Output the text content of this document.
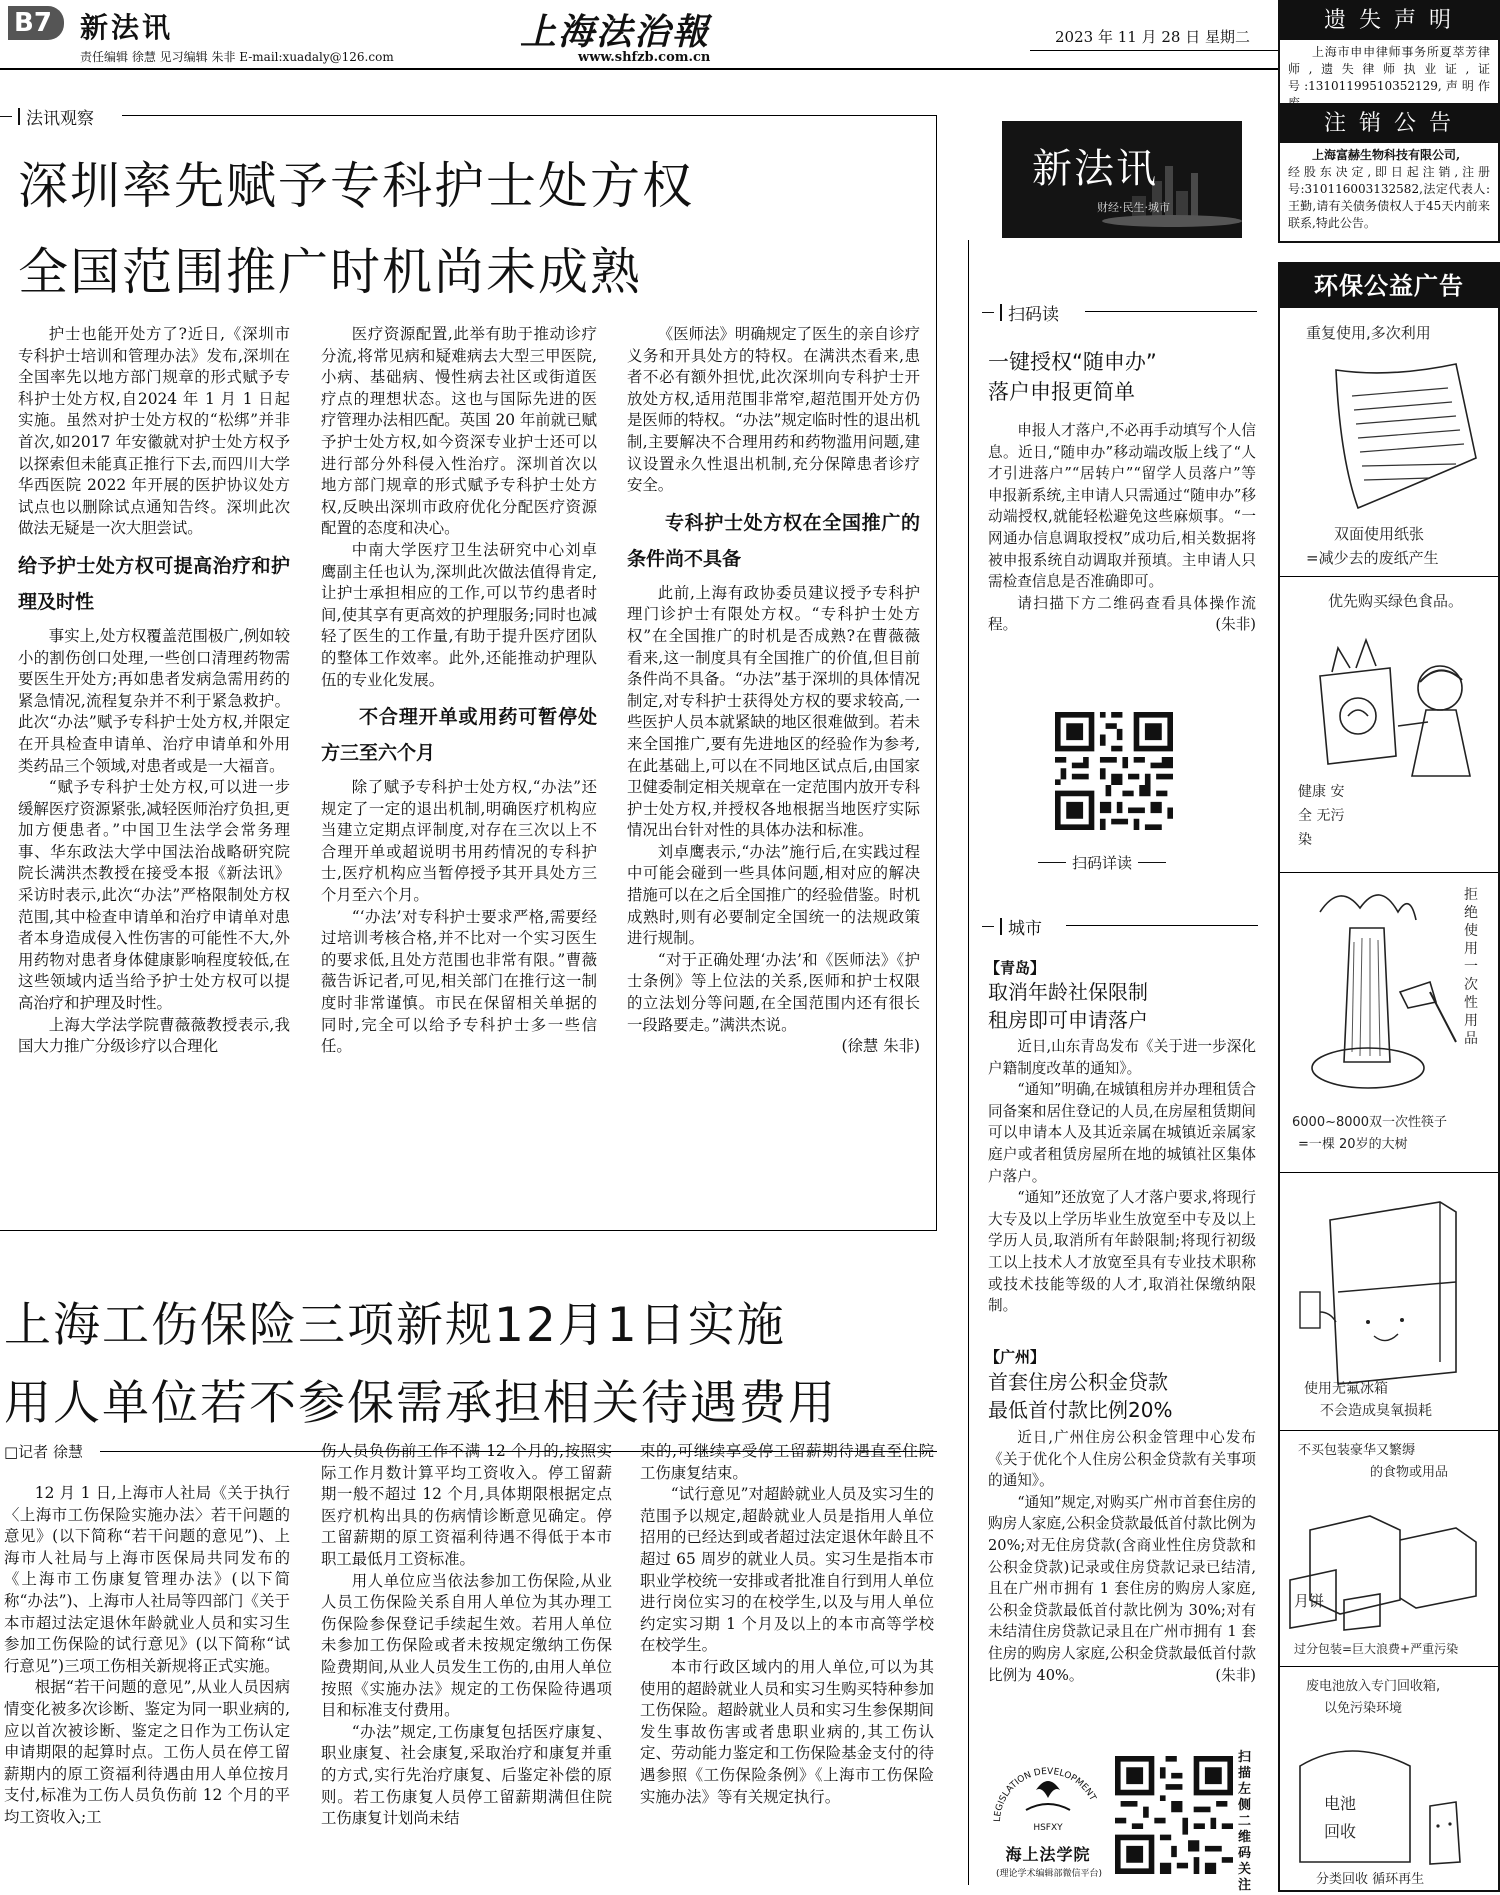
B7 新法讯
责任编辑 徐慧 见习编辑 朱非 E-mail:xuadaly@126.com
上海法治報
www.shfzb.com.cn
2023 年 11 月 28 日 星期二
法讯观察
深圳率先赋予专科护士处方权
全国范围推广时机尚未成熟

护士也能开处方了?近日,《深圳市专科护士培训和管理办法》发布,深圳在全国率先以地方部门规章的形式赋予专科护士处方权,自2024 年 1 月 1 日起实施。虽然对护士处方权的“松绑”并非首次,如2017 年安徽就对护士处方权予以探索但未能真正推行下去,而四川大学华西医院 2022 年开展的医护协议处方试点也以删除试点通知告终。深圳此次做法无疑是一次大胆尝试。

给予护士处方权可提高治疗和护理及时性

事实上,处方权覆盖范围极广,例如较小的割伤创口处理,一些创口清理药物需要医生开处方;再如患者发病急需用药的紧急情况,流程复杂并不利于紧急救护。此次“办法”赋予专科护士处方权,并限定在开具检查申请单、治疗申请单和外用类药品三个领域,对患者或是一大福音。

“赋予专科护士处方权,可以进一步缓解医疗资源紧张,减轻医师治疗负担,更加方便患者。”中国卫生法学会常务理事、华东政法大学中国法治战略研究院院长满洪杰教授在接受本报《新法讯》采访时表示,此次“办法”严格限制处方权范围,其中检查申请单和治疗申请单对患者本身造成侵入性伤害的可能性不大,外用药物对患者身体健康影响程度较低,在这些领域内适当给予护士处方权可以提高治疗和护理及时性。

上海大学法学院曹薇薇教授表示,我国大力推广分级诊疗以合理化

医疗资源配置,此举有助于推动诊疗分流,将常见病和疑难病去大型三甲医院,小病、基础病、慢性病去社区或街道医疗点的理想状态。这也与国际先进的医疗管理办法相匹配。英国 20 年前就已赋予护士处方权,如今资深专业护士还可以进行部分外科侵入性治疗。深圳首次以地方部门规章的形式赋予专科护士处方权,反映出深圳市政府优化分配医疗资源配置的态度和决心。

中南大学医疗卫生法研究中心刘卓鹰副主任也认为,深圳此次做法值得肯定,让护士承担相应的工作,可以节约患者时间,使其享有更高效的护理服务;同时也减轻了医生的工作量,有助于提升医疗团队的整体工作效率。此外,还能推动护理队伍的专业化发展。

不合理开单或用药可暂停处方三至六个月

除了赋予专科护士处方权,“办法”还规定了一定的退出机制,明确医疗机构应当建立定期点评制度,对存在三次以上不合理开单或超说明书用药情况的专科护士,医疗机构应当暂停授予其开具处方三个月至六个月。

“‘办法’对专科护士要求严格,需要经过培训考核合格,并不比对一个实习医生的要求低,且处方范围也非常有限。”曹薇薇告诉记者,可见,相关部门在推行这一制度时非常谨慎。市民在保留相关单据的同时,完全可以给予专科护士多一些信任。

《医师法》明确规定了医生的亲自诊疗义务和开具处方的特权。在满洪杰看来,患者不必有额外担忧,此次深圳向专科护士开放处方权,适用范围非常窄,超范围开处方仍是医师的特权。“办法”规定临时性的退出机制,主要解决不合理用药和药物滥用问题,建议设置永久性退出机制,充分保障患者诊疗安全。

专科护士处方权在全国推广的条件尚不具备

此前,上海有政协委员建议授予专科护理门诊护士有限处方权。“专科护士处方权”在全国推广的时机是否成熟?在曹薇薇看来,这一制度具有全国推广的价值,但目前条件尚不具备。“办法”基于深圳的具体情况制定,对专科护士获得处方权的要求较高,一些医护人员本就紧缺的地区很难做到。若未来全国推广,要有先进地区的经验作为参考,在此基础上,可以在不同地区试点后,由国家卫健委制定相关规章在一定范围内放开专科护士处方权,并授权各地根据当地医疗实际情况出台针对性的具体办法和标准。

刘卓鹰表示,“办法”施行后,在实践过程中可能会碰到一些具体问题,相对应的解决措施可以在之后全国推广的经验借鉴。时机成熟时,则有必要制定全国统一的法规政策进行规制。

“对于正确处理‘办法’和《医师法》《护士条例》等上位法的关系,医师和护士权限的立法划分等问题,在全国范围内还有很长一段路要走。”满洪杰说。

(徐慧 朱非)

上海工伤保险三项新规12月1日实施
用人单位若不参保需承担相关待遇费用
□记者 徐慧

12 月 1 日,上海市人社局《关于执行〈上海市工伤保险实施办法〉若干问题的意见》(以下简称“若干问题的意见”)、上海市人社局与上海市医保局共同发布的《上海市工伤康复管理办法》(以下简称“办法”)、上海市人社局等四部门《关于本市超过法定退休年龄就业人员和实习生参加工伤保险的试行意见》(以下简称“试行意见”)三项工伤相关新规将正式实施。

根据“若干问题的意见”,从业人员因病情变化被多次诊断、鉴定为同一职业病的,应以首次被诊断、鉴定之日作为工伤认定申请期限的起算时点。工伤人员在停工留薪期内的原工资福利待遇由用人单位按月支付,标准为工伤人员负伤前 12 个月的平均工资收入;工

伤人员负伤前工作不满 12 个月的,按照实际工作月数计算平均工资收入。停工留薪期一般不超过 12 个月,具体期限根据定点医疗机构出具的伤病情诊断意见确定。停工留薪期的原工资福利待遇不得低于本市职工最低月工资标准。

用人单位应当依法参加工伤保险,从业人员工伤保险关系自用人单位为其办理工伤保险参保登记手续起生效。若用人单位未参加工伤保险或者未按规定缴纳工伤保险费期间,从业人员发生工伤的,由用人单位按照《实施办法》规定的工伤保险待遇项目和标准支付费用。

“办法”规定,工伤康复包括医疗康复、职业康复、社会康复,采取治疗和康复并重的方式,实行先治疗康复、后鉴定补偿的原则。若工伤康复人员停工留薪期满但住院工伤康复计划尚未结

束的,可继续享受停工留薪期待遇直至住院工伤康复结束。

“试行意见”对超龄就业人员及实习生的范围予以规定,超龄就业人员是指用人单位招用的已经达到或者超过法定退休年龄且不超过 65 周岁的就业人员。实习生是指本市职业学校统一安排或者批准自行到用人单位进行岗位实习的在校学生,以及与用人单位约定实习期 1 个月及以上的本市高等学校在校学生。

本市行政区域内的用人单位,可以为其使用的超龄就业人员和实习生购买特种参加工伤保险。超龄就业人员和实习生参保期间发生事故伤害或者患职业病的,其工伤认定、劳动能力鉴定和工伤保险基金支付的待遇参照《工伤保险条例》《上海市工伤保险实施办法》等有关规定执行。

新法讯
财经·民生·城市
扫码读
一键授权“随申办”
落户申报更简单

申报人才落户,不必再手动填写个人信息。近日,“随申办”移动端改版上线了“人才引进落户”“居转户”“留学人员落户”等申报新系统,主申请人只需通过“随申办”移动端授权,就能轻松避免这些麻烦事。“一网通办信息调取授权”成功后,相关数据将被申报系统自动调取并预填。主申请人只需检查信息是否准确即可。

请扫描下方二维码查看具体操作流程。	(朱非)

扫码详读
城市
【青岛】
取消年龄社保限制
租房即可申请落户

近日,山东青岛发布《关于进一步深化户籍制度改革的通知》。

“通知”明确,在城镇租房并办理租赁合同备案和居住登记的人员,在房屋租赁期间可以申请本人及其近亲属在城镇近亲属家庭户或者租赁房屋所在地的城镇社区集体户落户。

“通知”还放宽了人才落户要求,将现行大专及以上学历毕业生放宽至中专及以上学历人员,取消所有年龄限制;将现行初级工以上技术人才放宽至具有专业技术职称或技术技能等级的人才,取消社保缴纳限制。

【广州】
首套住房公积金贷款
最低首付款比例20%

近日,广州住房公积金管理中心发布《关于优化个人住房公积金贷款有关事项的通知》。

“通知”规定,对购买广州市首套住房的购房人家庭,公积金贷款最低首付款比例为 20%;对无住房贷款(含商业性住房贷款和公积金贷款)记录或住房贷款记录已结清,且在广州市拥有 1 套住房的购房人家庭,公积金贷款最低首付款比例为 30%;对有未结清住房贷款记录且在广州市拥有 1 套住房的购房人家庭,公积金贷款最低首付款比例为 40%。	(朱非)

LEGISLATION DEVELOPMENT
HSFXY
海上法学院
(理论学术编辑部微信平台)
扫描左侧二维码关注
遗 失 声 明
上海市申申律师事务所夏萃芳律师,遗失律师执业证,证号:13101199510352129,声明作
注 销 公 告
上海富赫生物科技有限公司,
经股东决定,即日起注销,注册号:310116003132582,法定代表人:王勤,请有关债务债权人于45天内前来联系,特此公告。
环保公益广告
重复使用,多次利用
双面使用纸张
=减少去的废纸产生
优先购买绿色食品。
健康 安全 无污染
拒绝使用一次性用品
6000~8000双一次性筷子
=一棵 20岁的大树
使用无氟冰箱
不会造成臭氧损耗
不买包装豪华又繁缛
的食物或用品
月饼
过分包装=巨大浪费+严重污染
废电池放入专门回收箱,
以免污染环境
电池 回收
分类回收 循环再生
